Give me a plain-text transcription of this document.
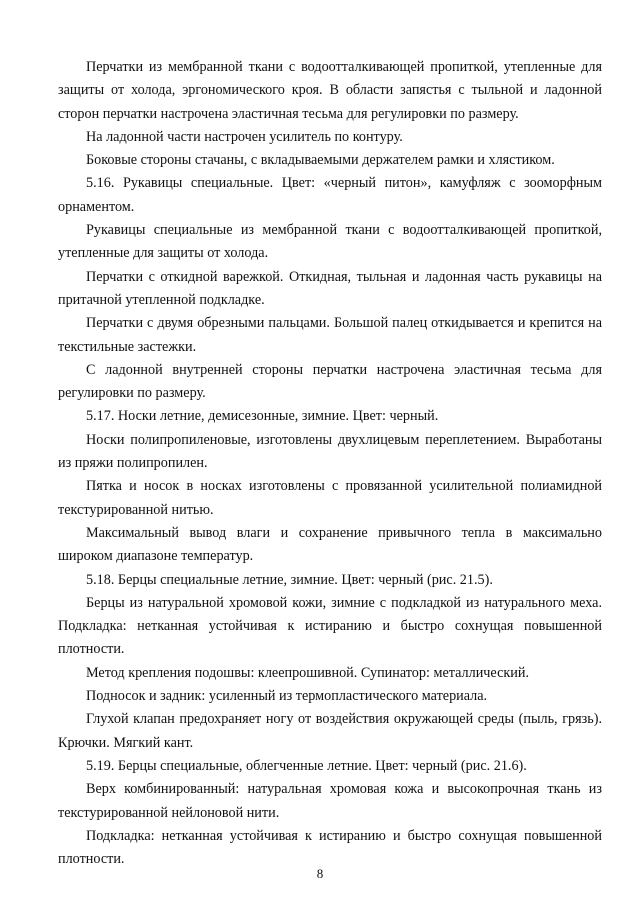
Перчатки из мембранной ткани с водоотталкивающей пропиткой, утепленные для защиты от холода, эргономического кроя. В области запястья с тыльной и ладонной сторон перчатки настрочена эластичная тесьма для регулировки по размеру.

На ладонной части настрочен усилитель по контуру.

Боковые стороны стачаны, с вкладываемыми держателем рамки и хлястиком.

5.16. Рукавицы специальные. Цвет: «черный питон», камуфляж с зооморфным орнаментом.

Рукавицы специальные из мембранной ткани с водоотталкивающей пропиткой, утепленные для защиты от холода.

Перчатки с откидной варежкой. Откидная, тыльная и ладонная часть рукавицы на притачной утепленной подкладке.

Перчатки с двумя обрезными пальцами. Большой палец откидывается и крепится на текстильные застежки.

С ладонной внутренней стороны перчатки настрочена эластичная тесьма для регулировки по размеру.

5.17. Носки летние, демисезонные, зимние. Цвет: черный.

Носки полипропиленовые, изготовлены двухлицевым переплетением. Выработаны из пряжи полипропилен.

Пятка и носок в носках изготовлены с провязанной усилительной полиамидной текстурированной нитью.

Максимальный вывод влаги и сохранение привычного тепла в максимально широком диапазоне температур.

5.18. Берцы специальные летние, зимние. Цвет: черный (рис. 21.5).

Берцы из натуральной хромовой кожи, зимние с подкладкой из натурального меха. Подкладка: нетканная устойчивая к истиранию и быстро сохнущая повышенной плотности.

Метод крепления подошвы: клеепрошивной. Супинатор: металлический.

Подносок и задник: усиленный из термопластического материала.

Глухой клапан предохраняет ногу от воздействия окружающей среды (пыль, грязь). Крючки. Мягкий кант.

5.19. Берцы специальные, облегченные летние. Цвет: черный (рис. 21.6).

Верх комбинированный: натуральная хромовая кожа и высокопрочная ткань из текстурированной нейлоновой нити.

Подкладка: нетканная устойчивая к истиранию и быстро сохнущая повышенной плотности.

8
